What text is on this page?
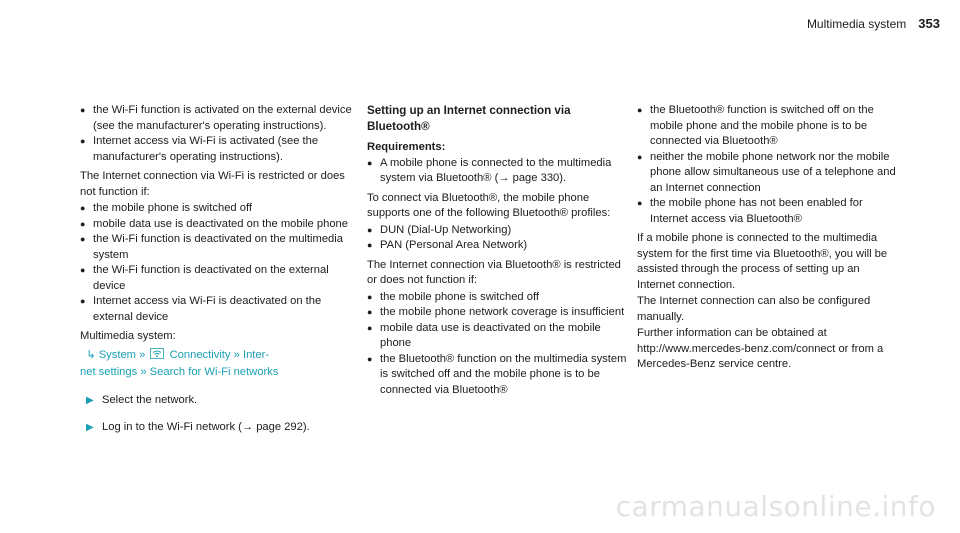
Multimedia system 353
● the Wi-Fi function is activated on the external device (see the manufacturer's operating instructions).
● Internet access via Wi-Fi is activated (see the manufacturer's operating instructions).

The Internet connection via Wi-Fi is restricted or does not function if:

● the mobile phone is switched off
● mobile data use is deactivated on the mobile phone
● the Wi-Fi function is deactivated on the multimedia system
● the Wi-Fi function is deactivated on the external device
● Internet access via Wi-Fi is deactivated on the external device

Multimedia system:

↳ System » Connectivity » Inter-
net settings » Search for Wi-Fi networks
▶ Select the network.
▶ Log in to the Wi-Fi network (→ page 292).
Setting up an Internet connection via Bluetooth®

Requirements:

● A mobile phone is connected to the multimedia system via Bluetooth® (→ page 330).

To connect via Bluetooth®, the mobile phone supports one of the following Bluetooth® profiles:

● DUN (Dial-Up Networking)
● PAN (Personal Area Network)

The Internet connection via Bluetooth® is restricted or does not function if:

● the mobile phone is switched off
● the mobile phone network coverage is insufficient
● mobile data use is deactivated on the mobile phone
● the Bluetooth® function on the multimedia system is switched off and the mobile phone is to be connected via Bluetooth®
● the Bluetooth® function is switched off on the mobile phone and the mobile phone is to be connected via Bluetooth®
● neither the mobile phone network nor the mobile phone allow simultaneous use of a telephone and an Internet connection
● the mobile phone has not been enabled for Internet access via Bluetooth®

If a mobile phone is connected to the multimedia system for the first time via Bluetooth®, you will be assisted through the process of setting up an Internet connection.

The Internet connection can also be configured manually.

Further information can be obtained at http://www.mercedes-benz.com/connect or from a Mercedes-Benz service centre.

carmanualsonline.info
